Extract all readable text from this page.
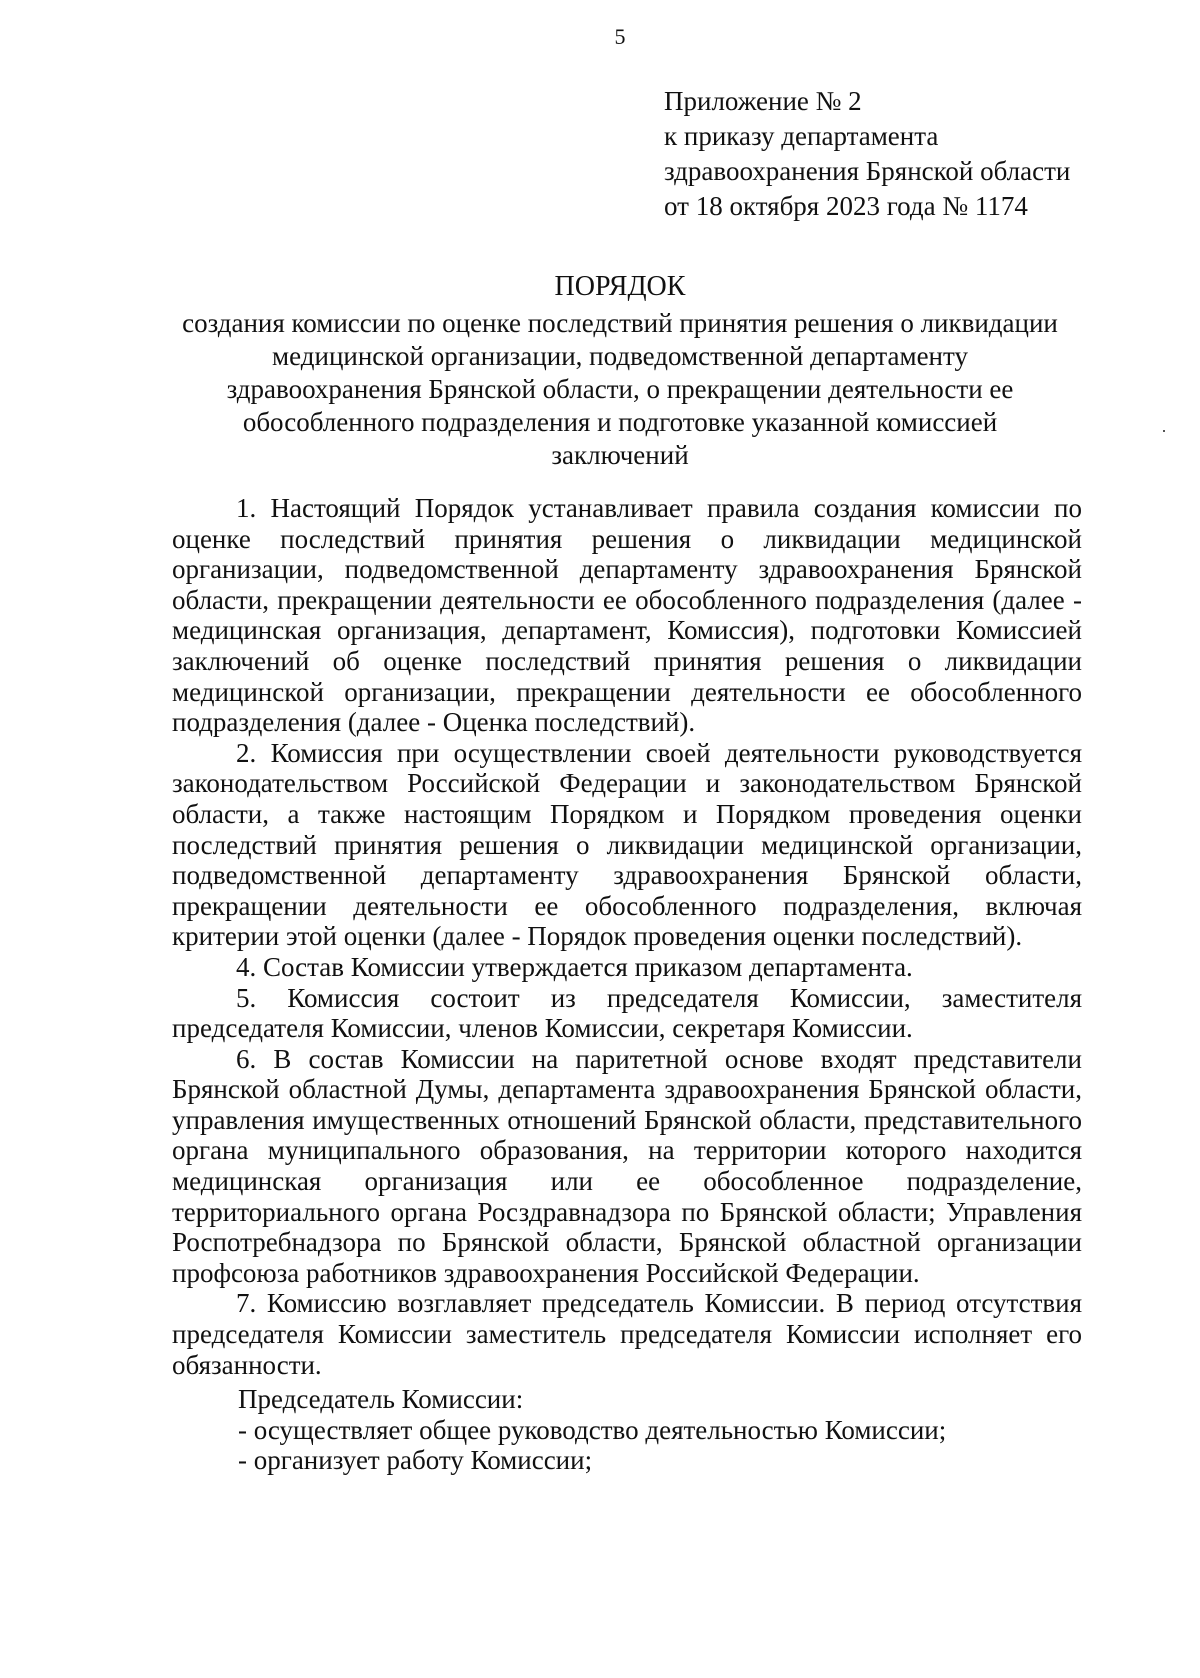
5
Приложение № 2
к приказу департамента
здравоохранения Брянской области
от 18 октября 2023 года № 1174
ПОРЯДОК
создания комиссии по оценке последствий принятия решения о ликвидации
медицинской организации, подведомственной департаменту
здравоохранения Брянской области, о прекращении деятельности ее
обособленного подразделения и подготовке указанной комиссией
заключений

1. Настоящий Порядок устанавливает правила создания комиссии по оценке последствий принятия решения о ликвидации медицинской организации, подведомственной департаменту здравоохранения Брянской области, прекращении деятельности ее обособленного подразделения (далее - медицинская организация, департамент, Комиссия), подготовки Комиссией заключений об оценке последствий принятия решения о ликвидации медицинской организации, прекращении деятельности ее обособленного подразделения (далее - Оценка последствий).

2. Комиссия при осуществлении своей деятельности руководствуется законодательством Российской Федерации и законодательством Брянской области, а также настоящим Порядком и Порядком проведения оценки последствий принятия решения о ликвидации медицинской организации, подведомственной департаменту здравоохранения Брянской области, прекращении деятельности ее обособленного подразделения, включая критерии этой оценки (далее - Порядок проведения оценки последствий).

4. Состав Комиссии утверждается приказом департамента.

5. Комиссия состоит из председателя Комиссии, заместителя председателя Комиссии, членов Комиссии, секретаря Комиссии.

6. В состав Комиссии на паритетной основе входят представители Брянской областной Думы, департамента здравоохранения Брянской области, управления имущественных отношений Брянской области, представительного органа муниципального образования, на территории которого находится медицинская организация или ее обособленное подразделение, территориального органа Росздравнадзора по Брянской области; Управления Роспотребнадзора по Брянской области, Брянской областной организации профсоюза работников здравоохранения Российской Федерации.

7. Комиссию возглавляет председатель Комиссии. В период отсутствия председателя Комиссии заместитель председателя Комиссии исполняет его обязанности.

Председатель Комиссии:

- осуществляет общее руководство деятельностью Комиссии;

- организует работу Комиссии;
